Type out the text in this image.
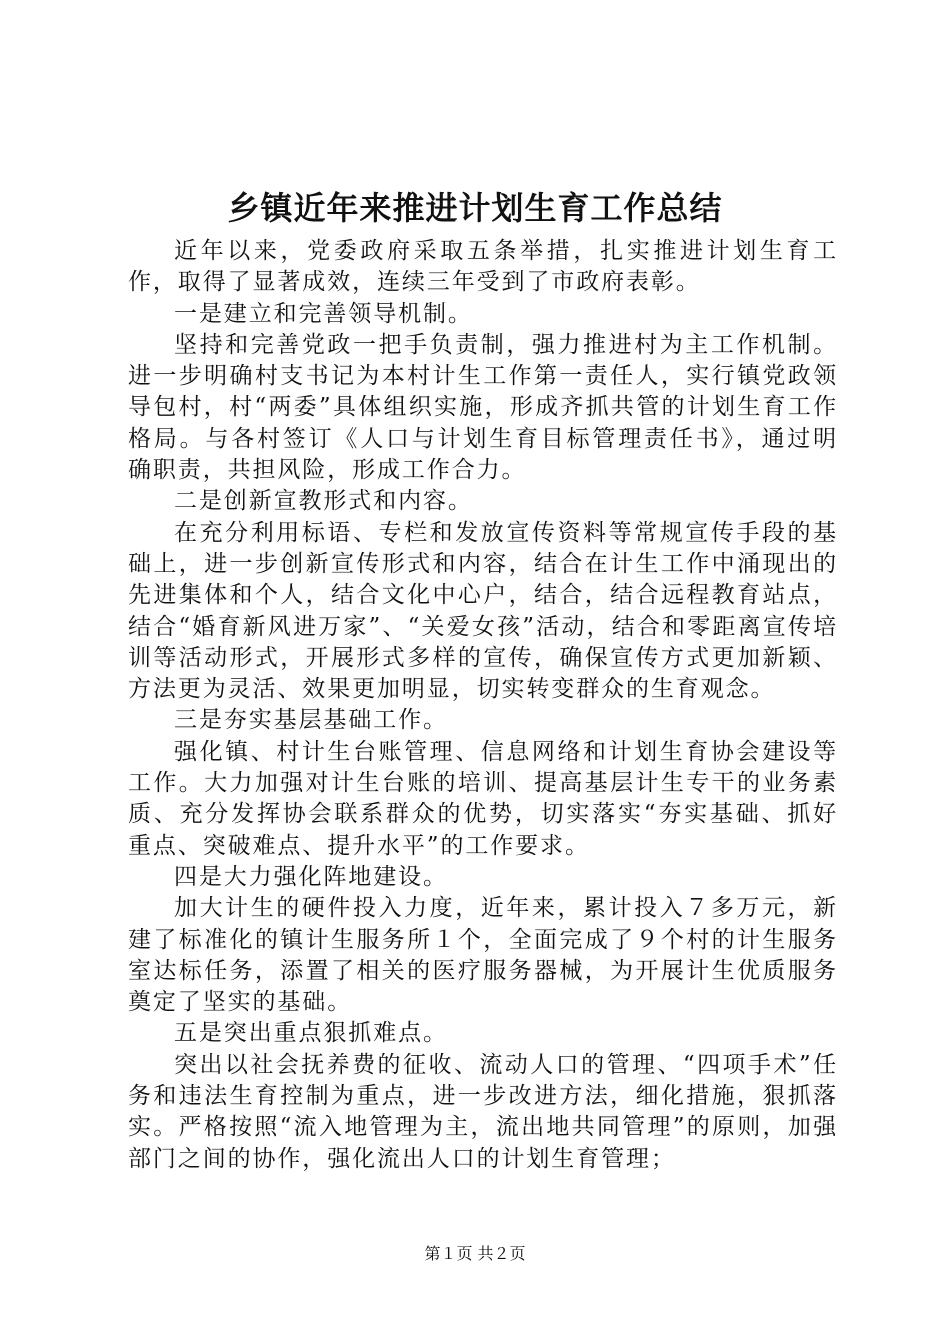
乡镇近年来推进计划生育工作总结

近年以来，党委政府采取五条举措，扎实推进计划生育工作，取得了显著成效，连续三年受到了市政府表彰。

一是建立和完善领导机制。

坚持和完善党政一把手负责制，强力推进村为主工作机制。进一步明确村支书记为本村计生工作第一责任人，实行镇党政领导包村，村“两委”具体组织实施，形成齐抓共管的计划生育工作格局。与各村签订《人口与计划生育目标管理责任书》，通过明确职责，共担风险，形成工作合力。

二是创新宣教形式和内容。

在充分利用标语、专栏和发放宣传资料等常规宣传手段的基础上，进一步创新宣传形式和内容，结合在计生工作中涌现出的先进集体和个人，结合文化中心户，结合，结合远程教育站点，结合“婚育新风进万家”、“关爱女孩”活动，结合和零距离宣传培训等活动形式，开展形式多样的宣传，确保宣传方式更加新颖、方法更为灵活、效果更加明显，切实转变群众的生育观念。

三是夯实基层基础工作。

强化镇、村计生台账管理、信息网络和计划生育协会建设等工作。大力加强对计生台账的培训、提高基层计生专干的业务素质、充分发挥协会联系群众的优势，切实落实“夯实基础、抓好重点、突破难点、提升水平”的工作要求。

四是大力强化阵地建设。

加大计生的硬件投入力度，近年来，累计投入７多万元，新建了标准化的镇计生服务所１个，全面完成了９个村的计生服务室达标任务，添置了相关的医疗服务器械，为开展计生优质服务奠定了坚实的基础。

五是突出重点狠抓难点。

突出以社会抚养费的征收、流动人口的管理、“四项手术”任务和违法生育控制为重点，进一步改进方法，细化措施，狠抓落实。严格按照“流入地管理为主，流出地共同管理”的原则，加强部门之间的协作，强化流出人口的计划生育管理；

第１页 共２页
